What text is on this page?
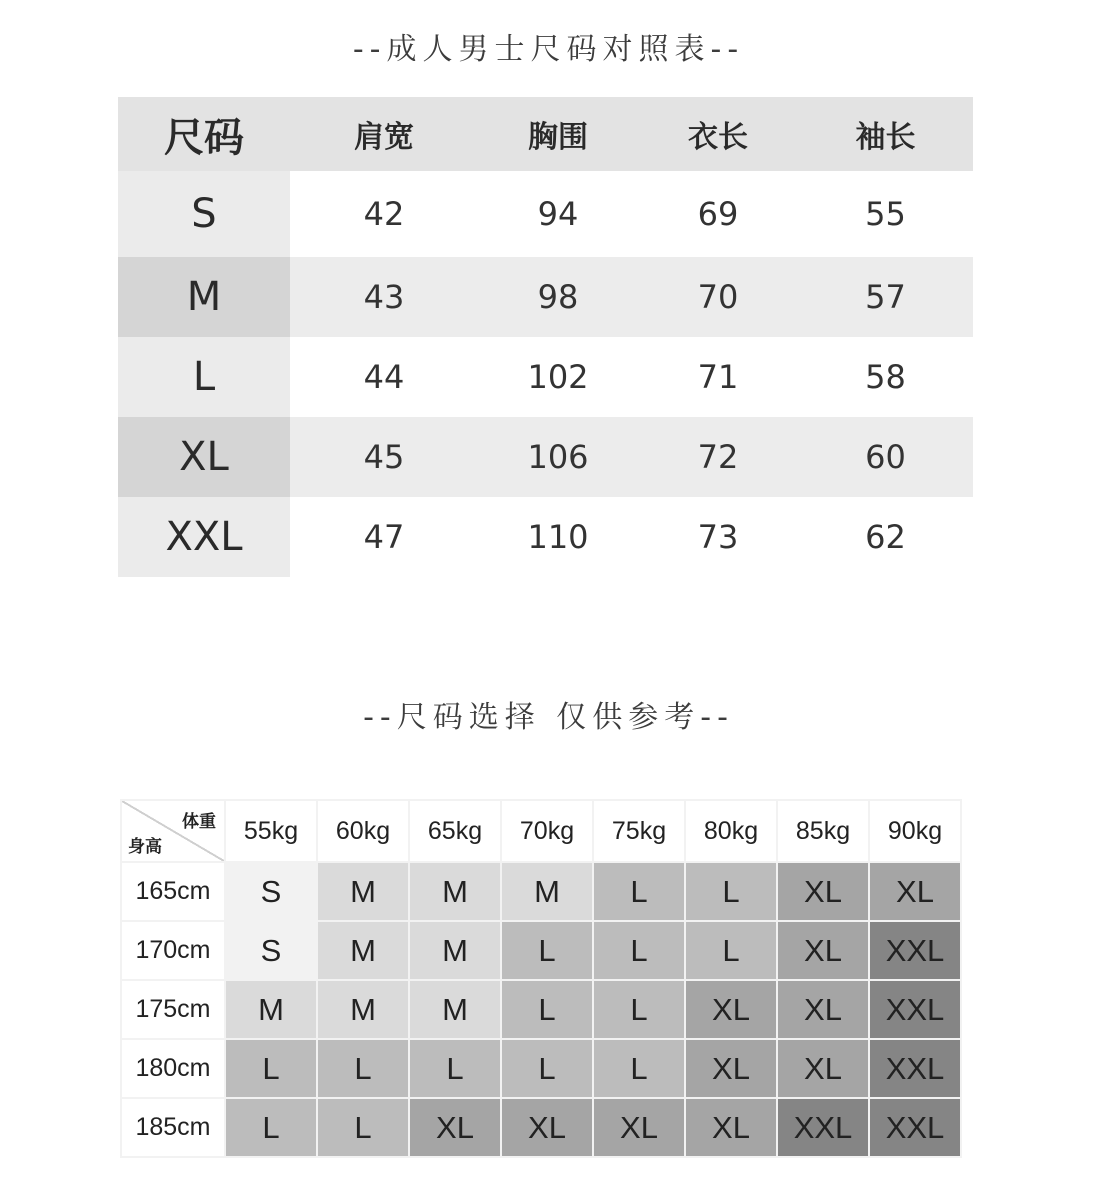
--成人男士尺码对照表--
尺码	肩宽	胸围	衣长	袖长
S	42	94	69	55
M	43	98	70	57
L	44	102	71	58
XL	45	106	72	60
XXL	47	110	73	62
--尺码选择 仅供参考--
体重
身高	55kg	60kg	65kg	70kg	75kg	80kg	85kg	90kg
165cm	S	M	M	M	L	L	XL	XL
170cm	S	M	M	L	L	L	XL	XXL
175cm	M	M	M	L	L	XL	XL	XXL
180cm	L	L	L	L	L	XL	XL	XXL
185cm	L	L	XL	XL	XL	XL	XXL	XXL
